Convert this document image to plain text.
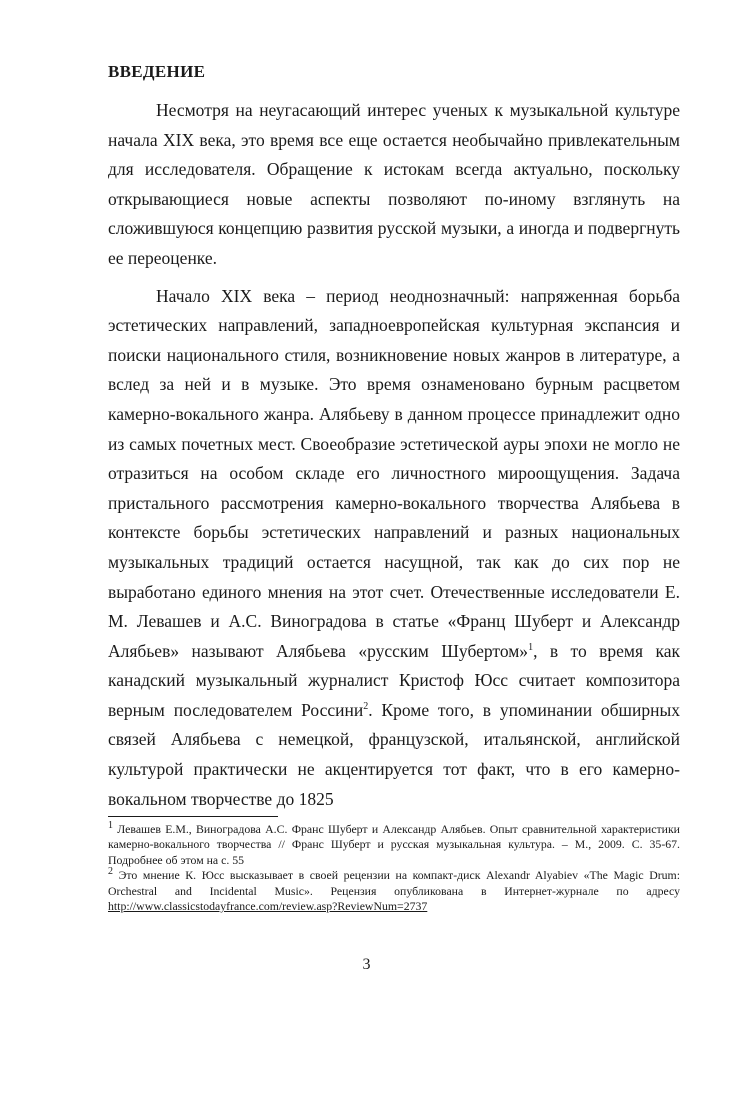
ВВЕДЕНИЕ

Несмотря на неугасающий интерес ученых к музыкальной культуре начала XIX века, это время все еще остается необычайно привлекательным для исследователя. Обращение к истокам всегда актуально, поскольку открывающиеся новые аспекты позволяют по-иному взглянуть на сложившуюся концепцию развития русской музыки, а иногда и подвергнуть ее переоценке.

Начало XIX века – период неоднозначный: напряженная борьба эстетических направлений, западноевропейская культурная экспансия и поиски национального стиля, возникновение новых жанров в литературе, а вслед за ней и в музыке. Это время ознаменовано бурным расцветом камерно-вокального жанра. Алябьеву в данном процессе принадлежит одно из самых почетных мест. Своеобразие эстетической ауры эпохи не могло не отразиться на особом складе его личностного мироощущения. Задача пристального рассмотрения камерно-вокального творчества Алябьева в контексте борьбы эстетических направлений и разных национальных музыкальных традиций остается насущной, так как до сих пор не выработано единого мнения на этот счет. Отечественные исследователи Е. М. Левашев и А.С. Виноградова в статье «Франц Шуберт и Александр Алябьев» называют Алябьева «русским Шубертом»$^1$, в то время как канадский музыкальный журналист Кристоф Юсс считает композитора верным последователем Россини$^2$. Кроме того, в упоминании обширных связей Алябьева с немецкой, французской, итальянской, английской культурой практически не акцентируется тот факт, что в его камерно-вокальном творчестве до 1825

$^1$ Левашев Е.М., Виноградова А.С. Франс Шуберт и Александр Алябьев. Опыт сравнительной характеристики камерно-вокального творчества // Франс Шуберт и русская музыкальная культура. – М., 2009. С. 35-67. Подробнее об этом на с. 55

$^2$ Это мнение К. Юсс высказывает в своей рецензии на компакт-диск Alexandr Alyabiev «The Magic Drum: Orchestral and Incidental Music». Рецензия опубликована в Интернет-журнале по адресу http://www.classicstodayfrance.com/review.asp?ReviewNum=2737

3
